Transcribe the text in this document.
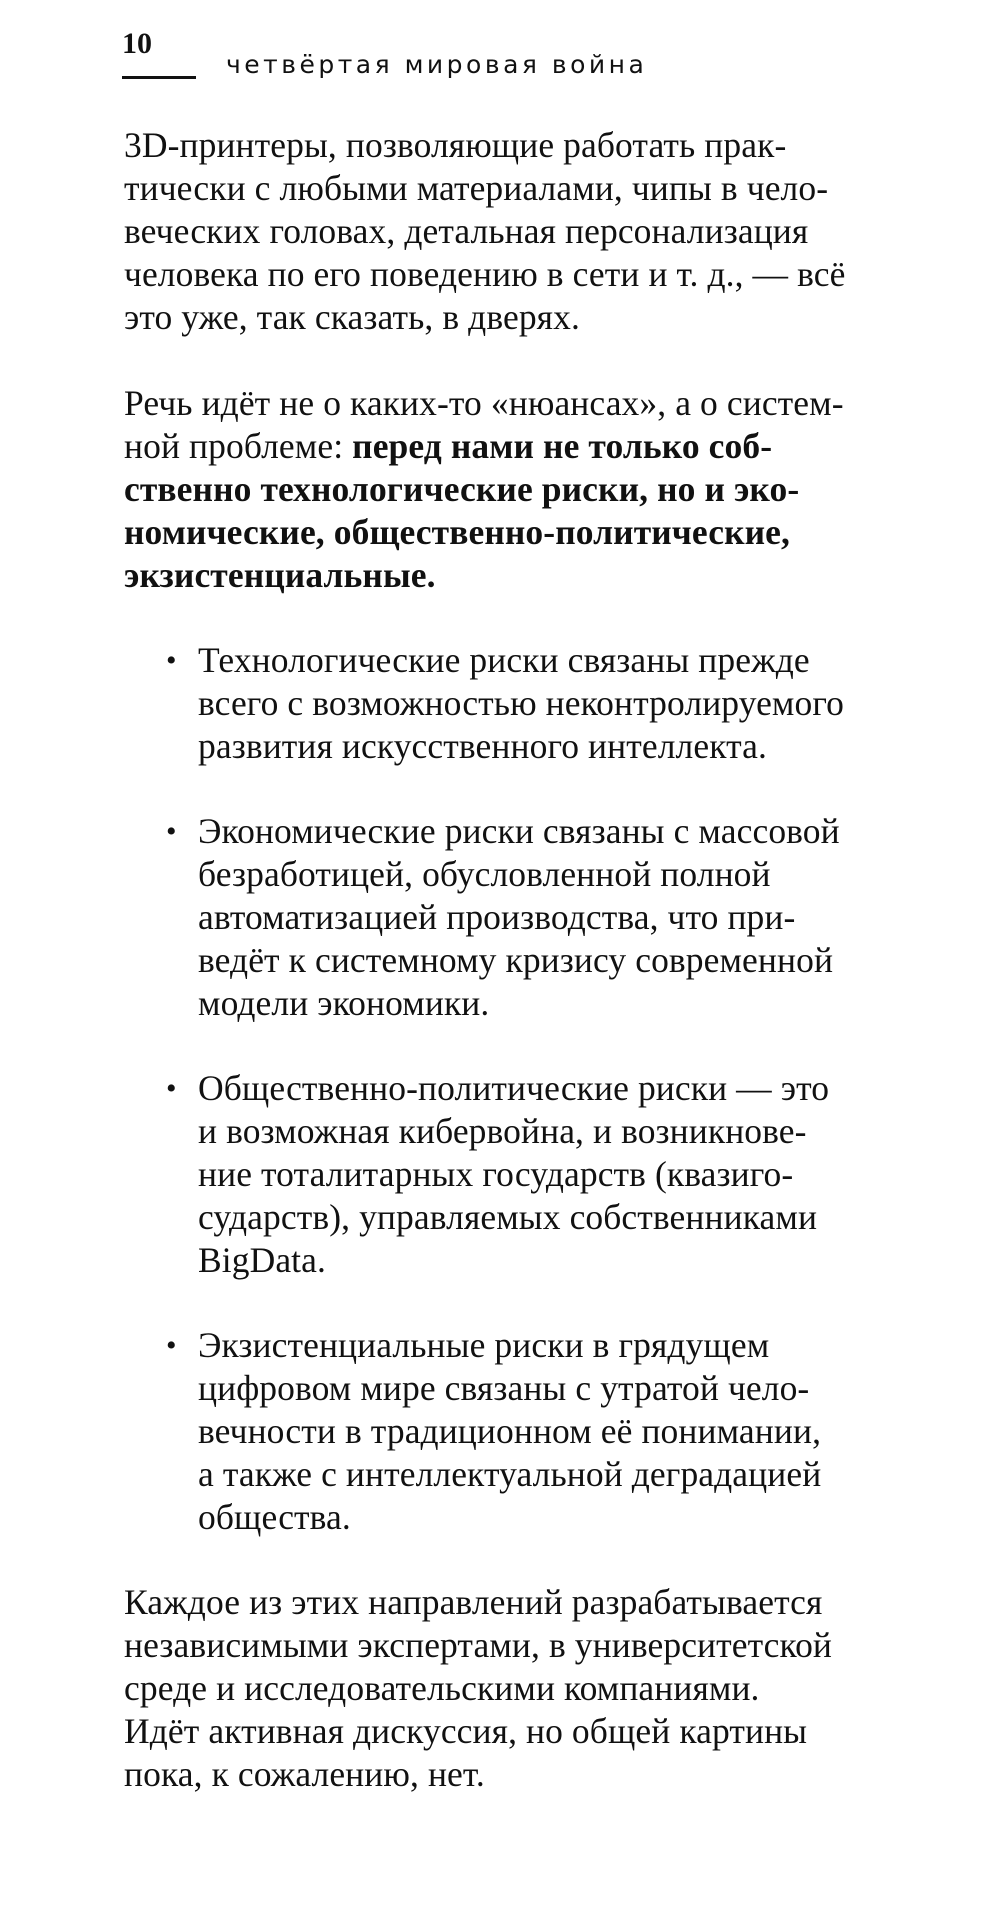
10
четвёртая мировая война

3D-принтеры, позволяющие работать прак-
тически с любыми материалами, чипы в чело-
веческих головах, детальная персонализация
человека по его поведению в сети и т. д., — всё
это уже, так сказать, в дверях.

Речь идёт не о каких-то «нюансах», а о систем-
ной проблеме: перед нами не только соб-
ственно технологические риски, но и эко-
номические, общественно-политические,
экзистенциальные.

• Технологические риски связаны прежде
всего с возможностью неконтролируемого
развития искусственного интеллекта.
• Экономические риски связаны с массовой
безработицей, обусловленной полной
автоматизацией производства, что при-
ведёт к системному кризису современной
модели экономики.
• Общественно-политические риски — это
и возможная кибервойна, и возникнове-
ние тоталитарных государств (квазиго-
сударств), управляемых собственниками
BigData.
• Экзистенциальные риски в грядущем
цифровом мире связаны с утратой чело-
вечности в традиционном её понимании,
а также с интеллектуальной деградацией
общества.

Каждое из этих направлений разрабатывается
независимыми экспертами, в университетской
среде и исследовательскими компаниями.
Идёт активная дискуссия, но общей картины
пока, к сожалению, нет.
